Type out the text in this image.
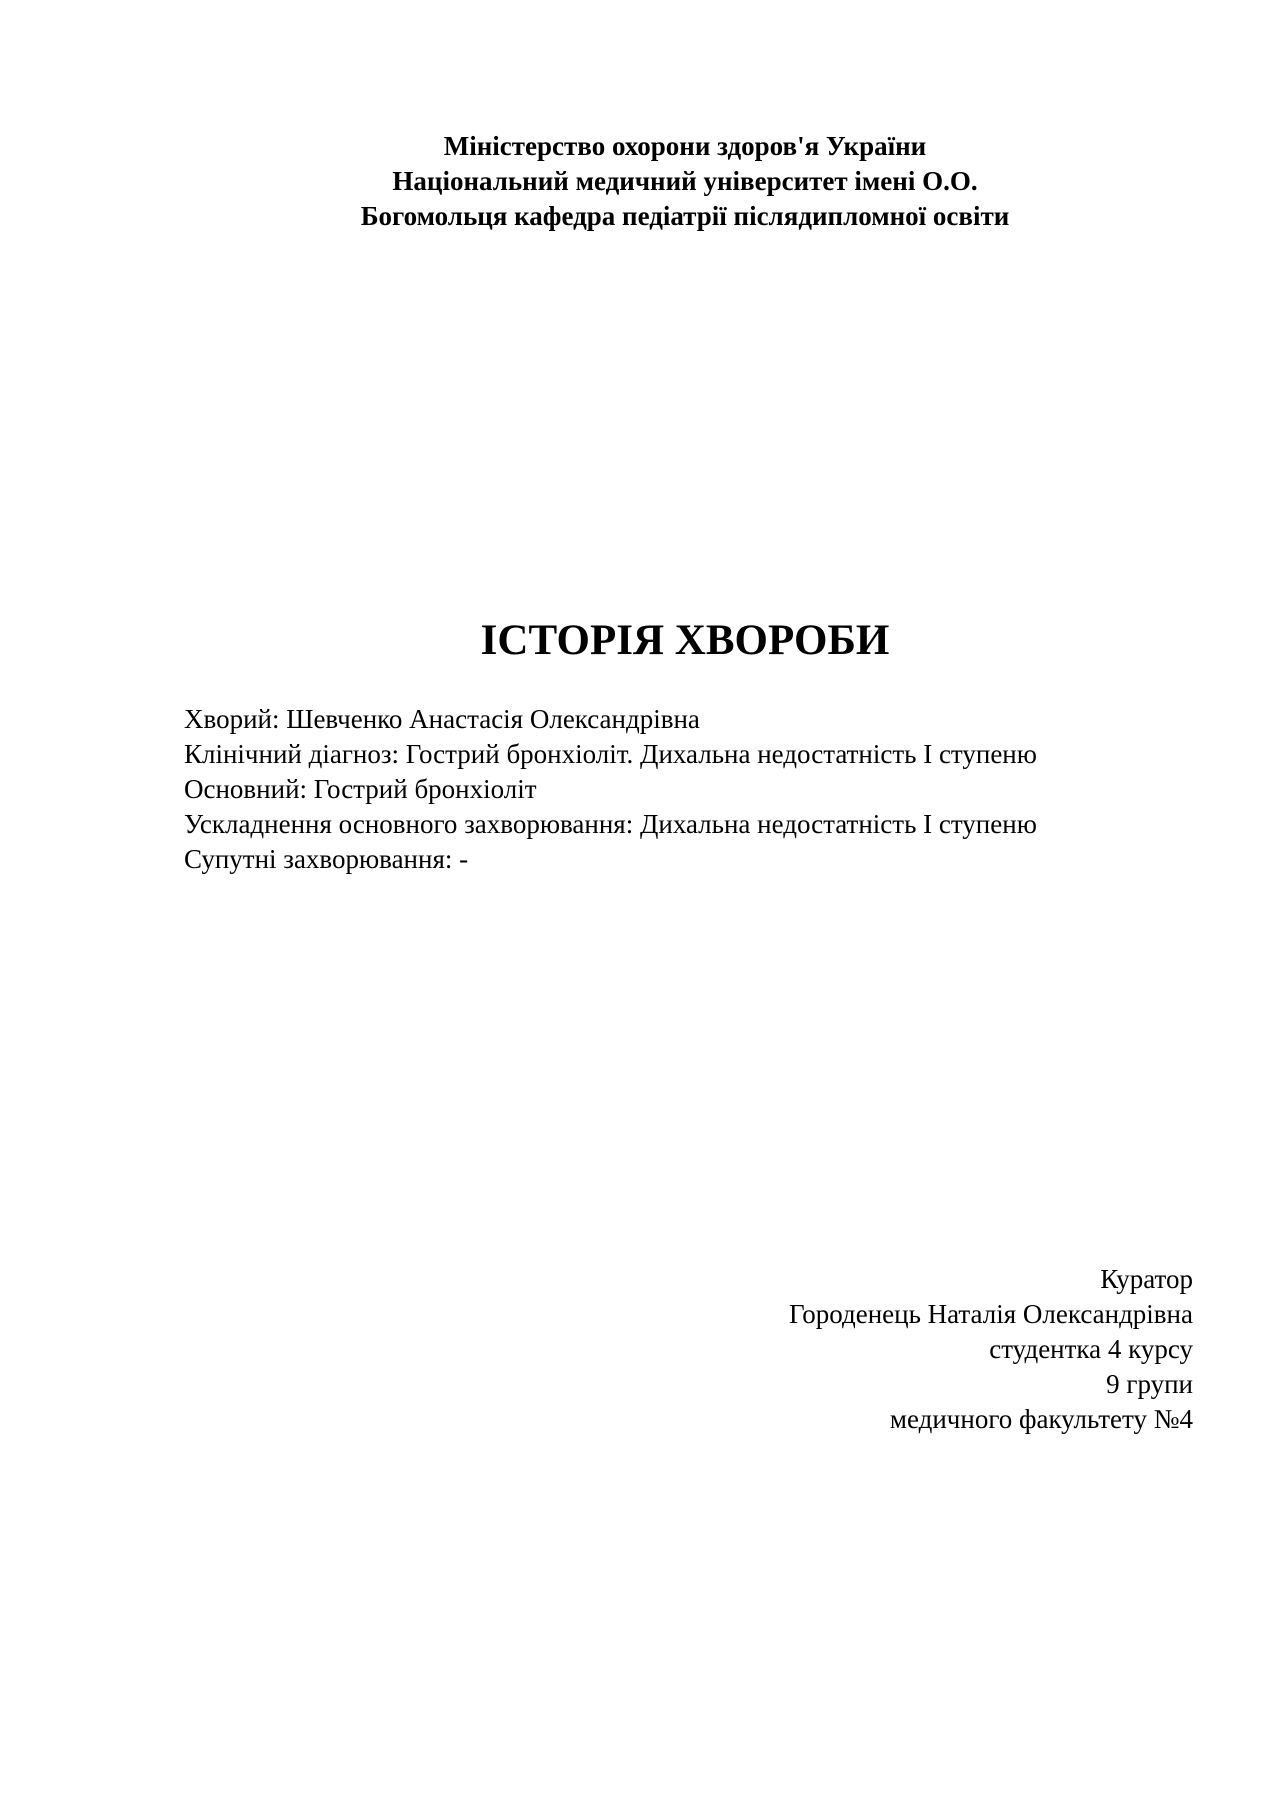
Міністерство охорони здоров'я України
Національний медичний університет імені О.О.
Богомольця кафедра педіатрії післядипломної освіти
ІСТОРІЯ ХВОРОБИ
Хворий: Шевченко Анастасія Олександрівна
Клінічний діагноз: Гострий бронхіоліт. Дихальна недостатність І ступеню
Основний: Гострий бронхіоліт
Ускладнення основного захворювання: Дихальна недостатність І ступеню
Супутні захворювання: -
Куратор
Городенець Наталія Олександрівна
студентка 4 курсу
9 групи
медичного факультету №4
